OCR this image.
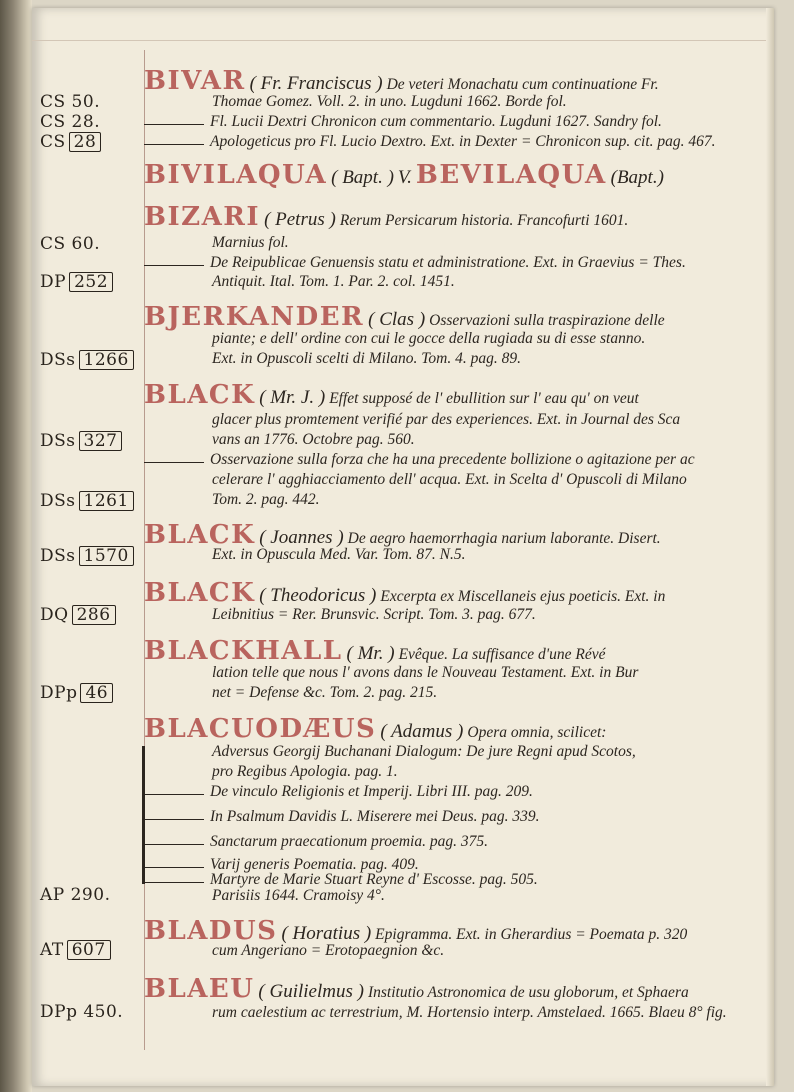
BIVAR ( Fr. Franciscus ) De veteri Monachatu cum continuatione Fr.
CS 50.	Thomae Gomez. Voll. 2. in uno. Lugduni 1662. Borde fol.
CS 28.	Fl. Lucii Dextri Chronicon cum commentario. Lugduni 1627. Sandry fol.
CS 28	Apologeticus pro Fl. Lucio Dextro. Ext. in Dexter = Chronicon sup. cit. pag. 467.
BIVILAQUA ( Bapt. ) V. BEVILAQUA (Bapt.)
BIZARI ( Petrus ) Rerum Persicarum historia. Francofurti 1601.
CS 60.	Marnius fol.
De Reipublicae Genuensis statu et administratione. Ext. in Graevius = Thes.
DP 252	Antiquit. Ital. Tom. 1. Par. 2. col. 1451.
BJERKANDER ( Clas ) Osservazioni sulla traspirazione delle
piante; e dell' ordine con cui le gocce della rugiada su di esse stanno.
DSs 1266	Ext. in Opuscoli scelti di Milano. Tom. 4. pag. 89.
BLACK ( Mr. J. ) Effet supposé de l' ebullition sur l' eau qu' on veut
glacer plus promtement verifié par des experiences. Ext. in Journal des Sca
DSs 327	vans an 1776. Octobre pag. 560.
Osservazione sulla forza che ha una precedente bollizione o agitazione per ac
celerare l' agghiacciamento dell' acqua. Ext. in Scelta d' Opuscoli di Milano
DSs 1261	Tom. 2. pag. 442.
BLACK ( Joannes ) De aegro haemorrhagia narium laborante. Disert.
DSs 1570	Ext. in Opuscula Med. Var. Tom. 87. N.5.
BLACK ( Theodoricus ) Excerpta ex Miscellaneis ejus poeticis. Ext. in
DQ 286	Leibnitius = Rer. Brunsvic. Script. Tom. 3. pag. 677.
BLACKHALL ( Mr. ) Evêque. La suffisance d'une Révé
lation telle que nous l' avons dans le Nouveau Testament. Ext. in Bur
DPp 46	net = Defense &c. Tom. 2. pag. 215.
BLACUODÆUS ( Adamus ) Opera omnia, scilicet:
Adversus Georgij Buchanani Dialogum: De jure Regni apud Scotos,
pro Regibus Apologia. pag. 1.
De vinculo Religionis et Imperij. Libri III. pag. 209.
In Psalmum Davidis L. Miserere mei Deus. pag. 339.
Sanctarum praecationum proemia. pag. 375.
Varij generis Poematia. pag. 409.
Martyre de Marie Stuart Reyne d' Escosse. pag. 505.
AP 290.	Parisiis 1644. Cramoisy 4°.
BLADUS ( Horatius ) Epigramma. Ext. in Gherardius = Poemata p. 320
AT 607	cum Angeriano = Erotopaegnion &c.
BLAEU ( Guilielmus ) Institutio Astronomica de usu globorum, et Sphaera
DPp 450.	rum caelestium ac terrestrium, M. Hortensio interp. Amstelaed. 1665. Blaeu 8° fig.
